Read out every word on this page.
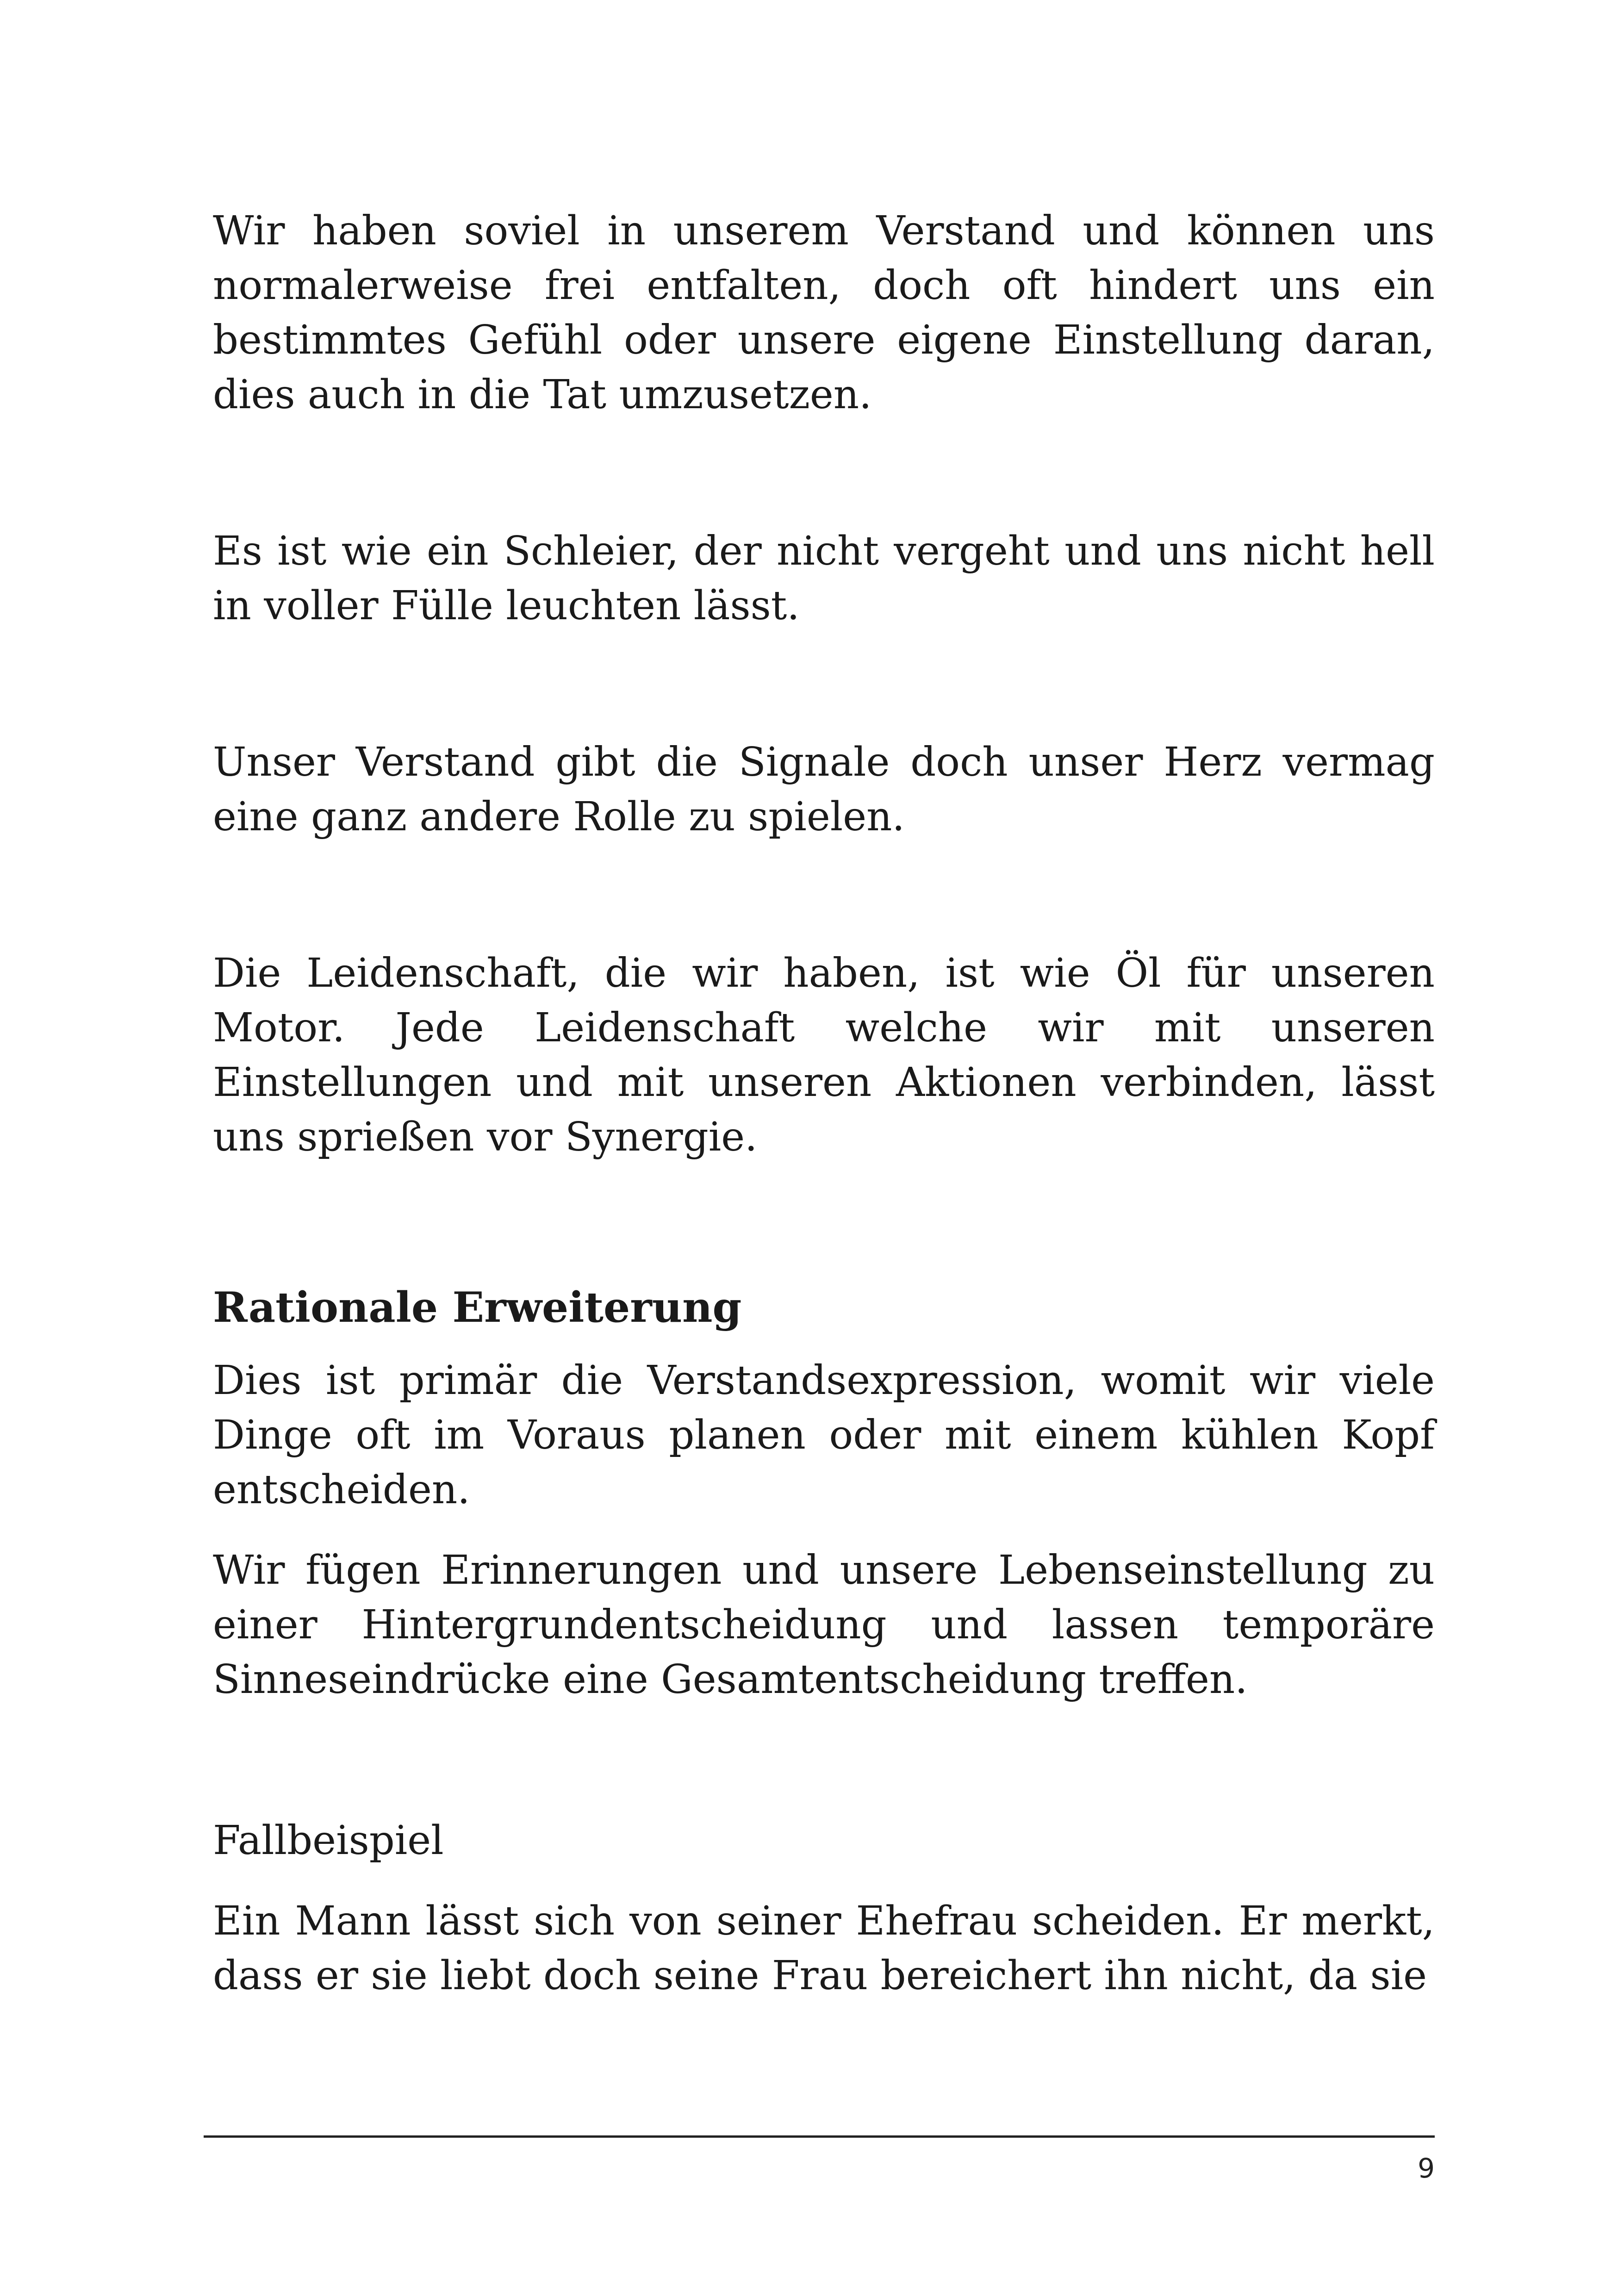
Wir haben soviel in unserem Verstand und können uns normalerweise frei entfalten, doch oft hindert uns ein bestimmtes Gefühl oder unsere eigene Einstellung daran, dies auch in die Tat umzusetzen.

Es ist wie ein Schleier, der nicht vergeht und uns nicht hell in voller Fülle leuchten lässt.

Unser Verstand gibt die Signale doch unser Herz vermag eine ganz andere Rolle zu spielen.

Die Leidenschaft, die wir haben, ist wie Öl für unseren Motor. Jede Leidenschaft welche wir mit unseren Einstellungen und mit unseren Aktionen verbinden, lässt uns sprießen vor Synergie.

Rationale Erweiterung

Dies ist primär die Verstandsexpression, womit wir viele Dinge oft im Voraus planen oder mit einem kühlen Kopf entscheiden.

Wir fügen Erinnerungen und unsere Lebenseinstellung zu einer Hintergrundentscheidung und lassen temporäre Sinneseindrücke eine Gesamtentscheidung treffen.

Fallbeispiel

Ein Mann lässt sich von seiner Ehefrau scheiden. Er merkt, dass er sie liebt doch seine Frau bereichert ihn nicht, da sie

9
